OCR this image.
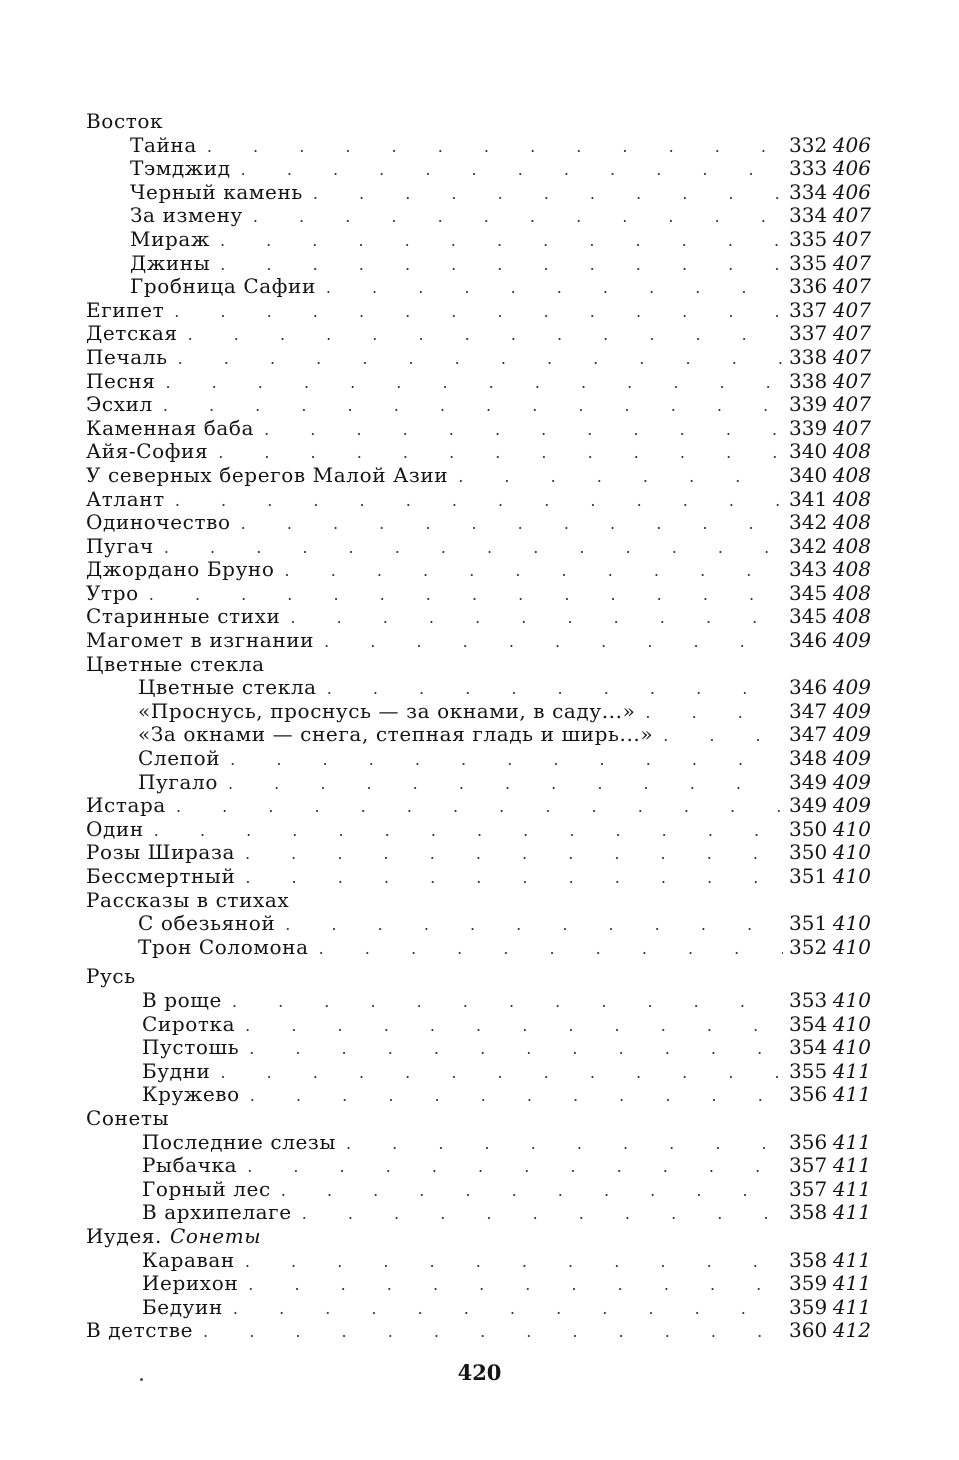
Восток
Тайна . . .	332 406
Тэмджид . . .	333 406
Черный камень . . .	334 406
За измену . . .	334 407
Мираж . . .	335 407
Джины . . .	335 407
Гробница Сафии . . .	336 407
Египет . . .	337 407
Детская . . .	337 407
Печаль . . .	338 407
Песня . . .	338 407
Эсхил . . .	339 407
Каменная баба . . .	339 407
Айя-София . . .	340 408
У северных берегов Малой Азии . . .	340 408
Атлант . . .	341 408
Одиночество . . .	342 408
Пугач . . .	342 408
Джордано Бруно . . .	343 408
Утро . . .	345 408
Старинные стихи . . .	345 408
Магомет в изгнании . . .	346 409
Цветные стекла
Цветные стекла . . .	346 409
«Проснусь, проснусь — за окнами, в саду...» . . .	347 409
«За окнами — снега, степная гладь и ширь...» . . .	347 409
Слепой . . .	348 409
Пугало . . .	349 409
Истара . . .	349 409
Один . . .	350 410
Розы Шираза . . .	350 410
Бессмертный . . .	351 410
Рассказы в стихах
С обезьяной . . .	351 410
Трон Соломона . . .	352 410
Русь
В роще . . .	353 410
Сиротка . . .	354 410
Пустошь . . .	354 410
Будни . . .	355 411
Кружево . . .	356 411
Сонеты
Последние слезы . . .	356 411
Рыбачка . . .	357 411
Горный лес . . .	357 411
В архипелаге . . .	358 411
Иудея. Сонеты
Караван . . .	358 411
Иерихон . . .	359 411
Бедуин . . .	359 411
В детстве . . .	360 412
420
